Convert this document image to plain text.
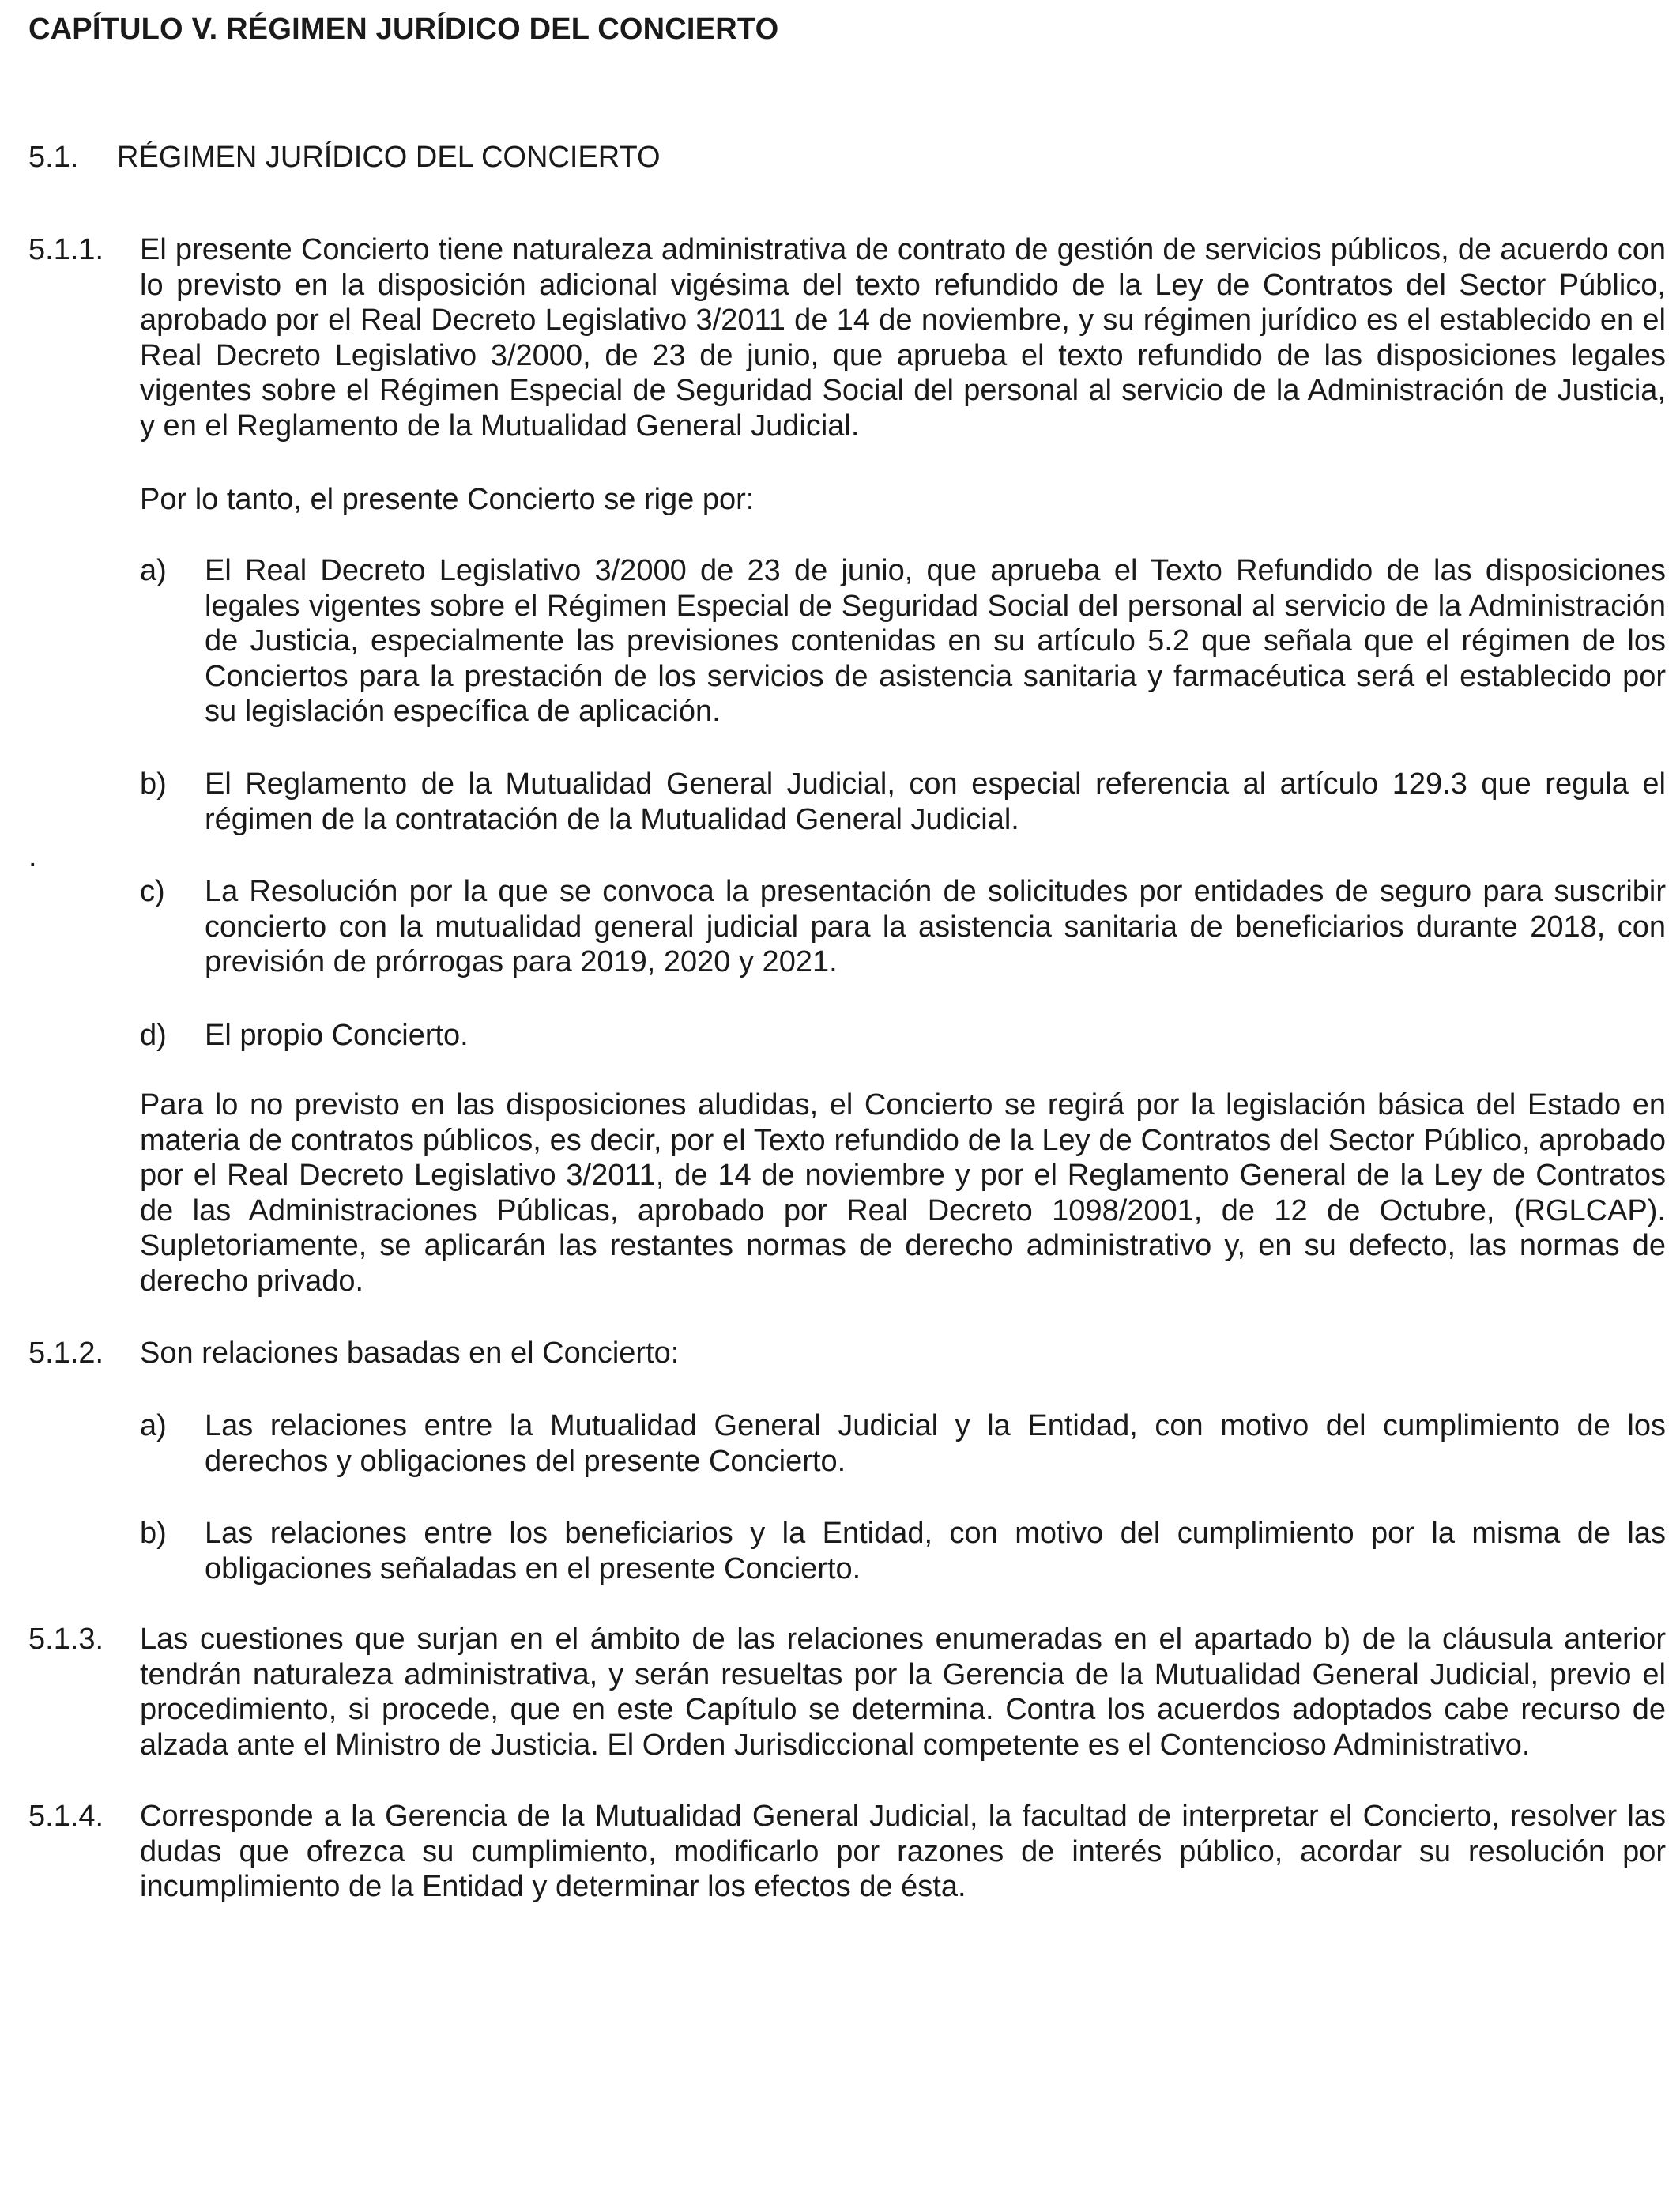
CAPÍTULO V. RÉGIMEN JURÍDICO DEL CONCIERTO
5.1. RÉGIMEN JURÍDICO DEL CONCIERTO
5.1.1. El presente Concierto tiene naturaleza administrativa de contrato de gestión de servicios públicos, de acuerdo con lo previsto en la disposición adicional vigésima del texto refundido de la Ley de Contratos del Sector Público, aprobado por el Real Decreto Legislativo 3/2011 de 14 de noviembre, y su régimen jurídico es el establecido en el Real Decreto Legislativo 3/2000, de 23 de junio, que aprueba el texto refundido de las disposiciones legales vigentes sobre el Régimen Especial de Seguridad Social del personal al servicio de la Administración de Justicia, y en el Reglamento de la Mutualidad General Judicial.
Por lo tanto, el presente Concierto se rige por:
a) El Real Decreto Legislativo 3/2000 de 23 de junio, que aprueba el Texto Refundido de las disposiciones legales vigentes sobre el Régimen Especial de Seguridad Social del personal al servicio de la Administración de Justicia, especialmente las previsiones contenidas en su artículo 5.2 que señala que el régimen de los Conciertos para la prestación de los servicios de asistencia sanitaria y farmacéutica será el establecido por su legislación específica de aplicación.
b) El Reglamento de la Mutualidad General Judicial, con especial referencia al artículo 129.3 que regula el régimen de la contratación de la Mutualidad General Judicial.
.
c) La Resolución por la que se convoca la presentación de solicitudes por entidades de seguro para suscribir concierto con la mutualidad general judicial para la asistencia sanitaria de beneficiarios durante 2018, con previsión de prórrogas para 2019, 2020 y 2021.
d) El propio Concierto.
Para lo no previsto en las disposiciones aludidas, el Concierto se regirá por la legislación básica del Estado en materia de contratos públicos, es decir, por el Texto refundido de la Ley de Contratos del Sector Público, aprobado por el Real Decreto Legislativo 3/2011, de 14 de noviembre y por el Reglamento General de la Ley de Contratos de las Administraciones Públicas, aprobado por Real Decreto 1098/2001, de 12 de Octubre, (RGLCAP). Supletoriamente, se aplicarán las restantes normas de derecho administrativo y, en su defecto, las normas de derecho privado.
5.1.2. Son relaciones basadas en el Concierto:
a) Las relaciones entre la Mutualidad General Judicial y la Entidad, con motivo del cumplimiento de los derechos y obligaciones del presente Concierto.
b) Las relaciones entre los beneficiarios y la Entidad, con motivo del cumplimiento por la misma de las obligaciones señaladas en el presente Concierto.
5.1.3. Las cuestiones que surjan en el ámbito de las relaciones enumeradas en el apartado b) de la cláusula anterior tendrán naturaleza administrativa, y serán resueltas por la Gerencia de la Mutualidad General Judicial, previo el procedimiento, si procede, que en este Capítulo se determina. Contra los acuerdos adoptados cabe recurso de alzada ante el Ministro de Justicia. El Orden Jurisdiccional competente es el Contencioso Administrativo.
5.1.4. Corresponde a la Gerencia de la Mutualidad General Judicial, la facultad de interpretar el Concierto, resolver las dudas que ofrezca su cumplimiento, modificarlo por razones de interés público, acordar su resolución por incumplimiento de la Entidad y determinar los efectos de ésta.
